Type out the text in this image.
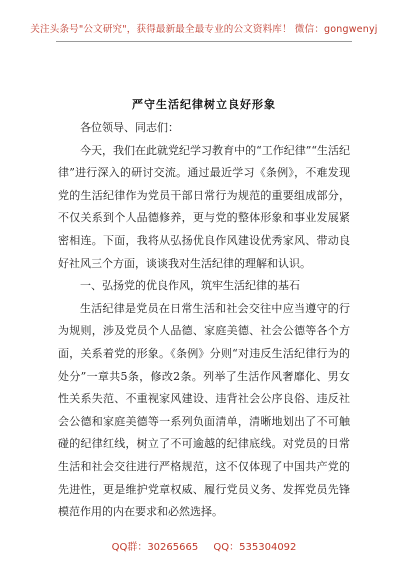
关注头条号"公文研究"，获得最新最全最专业的公文资料库！ 微信：gongwenyj
严守生活纪律树立良好形象

各位领导、同志们：

今天，我们在此就党纪学习教育中的“工作纪律”“生活纪律”进行深入的研讨交流。通过最近学习《条例》，不难发现党的生活纪律作为党员干部日常行为规范的重要组成部分，不仅关系到个人品德修养，更与党的整体形象和事业发展紧密相连。下面，我将从弘扬优良作风建设优秀家风、带动良好社风三个方面，谈谈我对生活纪律的理解和认识。

一、弘扬党的优良作风，筑牢生活纪律的基石

生活纪律是党员在日常生活和社会交往中应当遵守的行为规则，涉及党员个人品德、家庭美德、社会公德等各个方面，关系着党的形象。《条例》分则“对违反生活纪律行为的处分”一章共5条，修改2条。列举了生活作风奢靡化、男女性关系失范、不重视家风建设、违背社会公序良俗、违反社会公德和家庭美德等一系列负面清单，清晰地划出了不可触碰的纪律红线，树立了不可逾越的纪律底线。对党员的日常生活和社会交往进行严格规范，这不仅体现了中国共产党的先进性，更是维护党章权威、履行党员义务、发挥党员先锋模范作用的内在要求和必然选择。

QQ群：30265665 QQ：535304092
